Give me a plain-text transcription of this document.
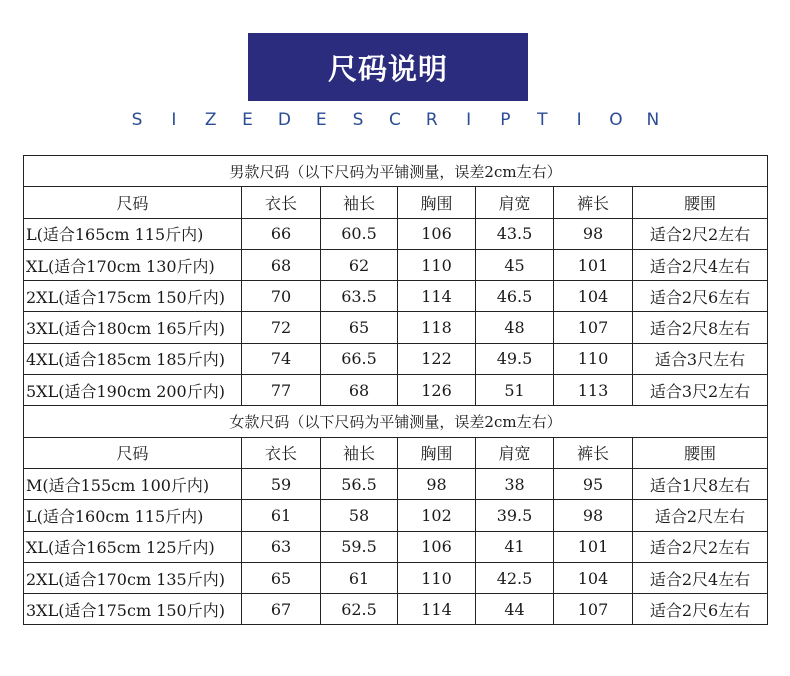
尺码说明
S I Z E D E S C R I P T I O N
男款尺码（以下尺码为平铺测量，误差2cm左右）						
尺码	衣长	袖长	胸围	肩宽	裤长	腰围
L(适合165cm 115斤内)	66	60.5	106	43.5	98	适合2尺2左右
XL(适合170cm 130斤内)	68	62	110	45	101	适合2尺4左右
2XL(适合175cm 150斤内)	70	63.5	114	46.5	104	适合2尺6左右
3XL(适合180cm 165斤内)	72	65	118	48	107	适合2尺8左右
4XL(适合185cm 185斤内)	74	66.5	122	49.5	110	适合3尺左右
5XL(适合190cm 200斤内)	77	68	126	51	113	适合3尺2左右
女款尺码（以下尺码为平铺测量，误差2cm左右）						
尺码	衣长	袖长	胸围	肩宽	裤长	腰围
M(适合155cm 100斤内)	59	56.5	98	38	95	适合1尺8左右
L(适合160cm 115斤内)	61	58	102	39.5	98	适合2尺左右
XL(适合165cm 125斤内)	63	59.5	106	41	101	适合2尺2左右
2XL(适合170cm 135斤内)	65	61	110	42.5	104	适合2尺4左右
3XL(适合175cm 150斤内)	67	62.5	114	44	107	适合2尺6左右
